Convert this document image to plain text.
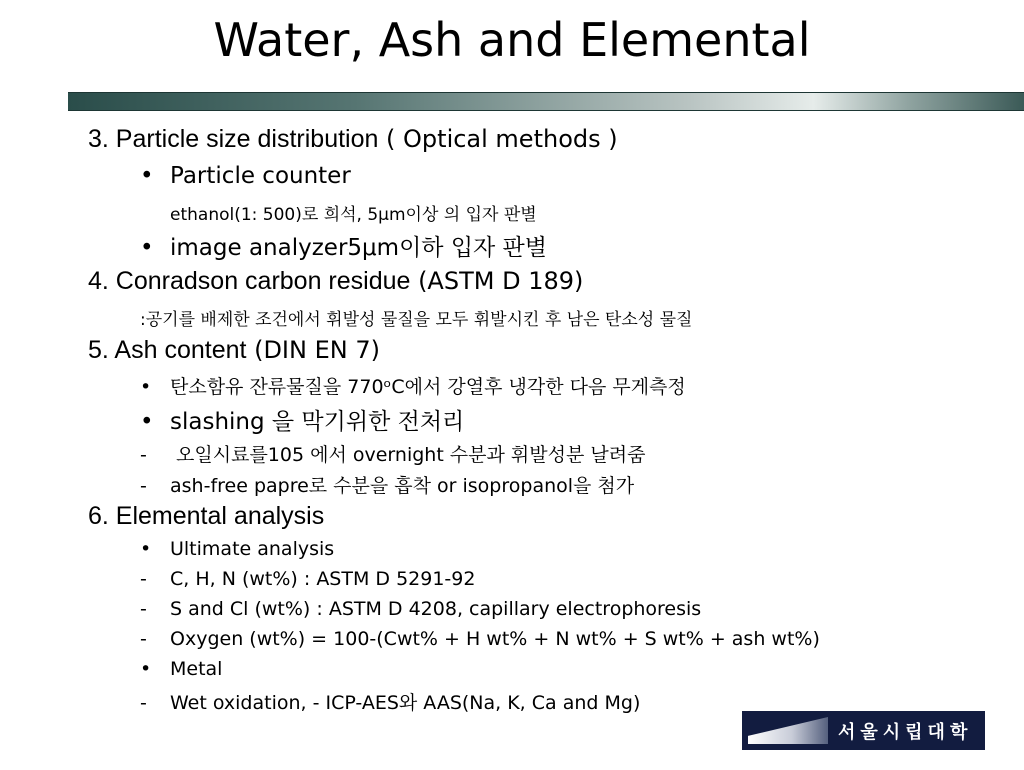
Water, Ash and Elemental
3. Particle size distribution ( Optical methods )
• Particle counter
ethanol(1: 500)로 희석, 5μm이상 의 입자 판별
• image analyzer5μm이하 입자 판별
4. Conradson carbon residue (ASTM D 189)
:공기를 배제한 조건에서 휘발성 물질을 모두 휘발시킨 후 남은 탄소성 물질
5. Ash content (DIN EN 7)
• 탄소함유 잔류물질을 770ᵒC에서 강열후 냉각한 다음 무게측정
• slashing 을 막기위한 전처리
- 오일시료를105 에서 overnight 수분과 휘발성분 날려줌
- ash-free papre로 수분을 흡착 or isopropanol을 첨가
6. Elemental analysis
• Ultimate analysis
- C, H, N (wt%) : ASTM D 5291-92
- S and Cl (wt%) : ASTM D 4208, capillary electrophoresis
- Oxygen (wt%) = 100-(Cwt% + H wt% + N wt% + S wt% + ash wt%)
• Metal
- Wet oxidation, - ICP-AES와 AAS(Na, K, Ca and Mg)
서울시립대학교
